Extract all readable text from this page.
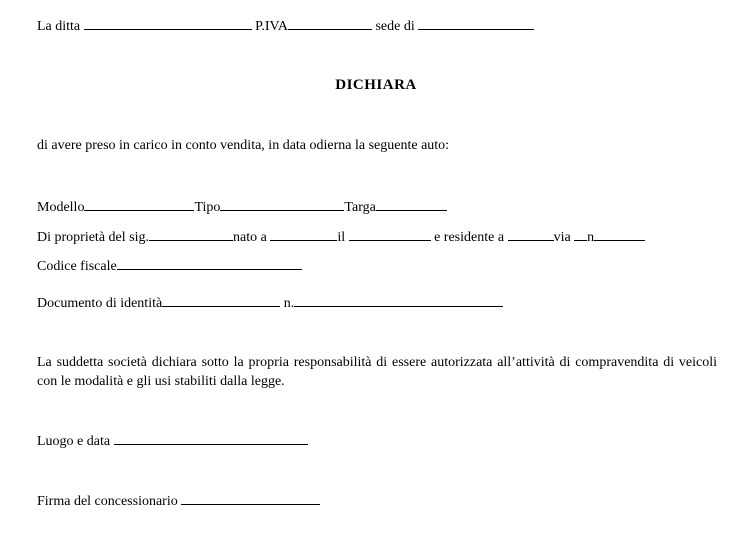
La ditta	P.IVA	sede di
DICHIARA
di avere preso in carico in conto vendita, in data odierna la seguente auto:
Modello	Tipo	Targa
Di proprietà del sig.	nato a	il	e residente a	via n
Codice fiscale
Documento di identità	n.
La suddetta società dichiara sotto la propria responsabilità di essere autorizzata all’attività di compravendita di veicoli con le modalità e gli usi stabiliti dalla legge.
Luogo e data
Firma del concessionario
